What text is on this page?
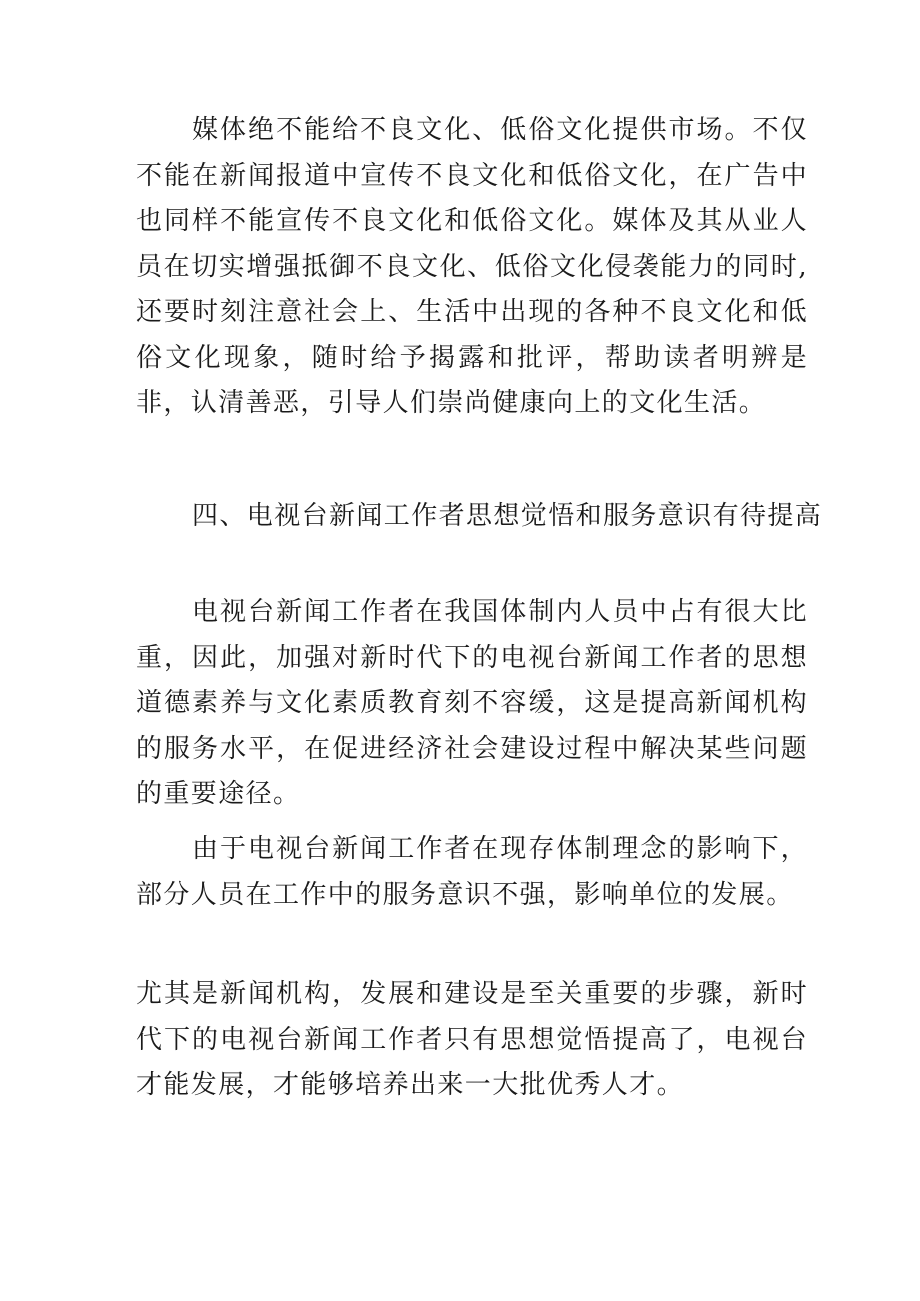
媒体绝不能给不良文化、低俗文化提供市场。不仅不能在新闻报道中宣传不良文化和低俗文化，在广告中也同样不能宣传不良文化和低俗文化。媒体及其从业人员在切实增强抵御不良文化、低俗文化侵袭能力的同时,还要时刻注意社会上、生活中出现的各种不良文化和低俗文化现象，随时给予揭露和批评，帮助读者明辨是非，认清善恶，引导人们崇尚健康向上的文化生活。

四、电视台新闻工作者思想觉悟和服务意识有待提高

电视台新闻工作者在我国体制内人员中占有很大比重，因此，加强对新时代下的电视台新闻工作者的思想道德素养与文化素质教育刻不容缓，这是提高新闻机构的服务水平，在促进经济社会建设过程中解决某些问题的重要途径。

由于电视台新闻工作者在现存体制理念的影响下，部分人员在工作中的服务意识不强，影响单位的发展。

尤其是新闻机构，发展和建设是至关重要的步骤，新时代下的电视台新闻工作者只有思想觉悟提高了，电视台才能发展，才能够培养出来一大批优秀人才。
